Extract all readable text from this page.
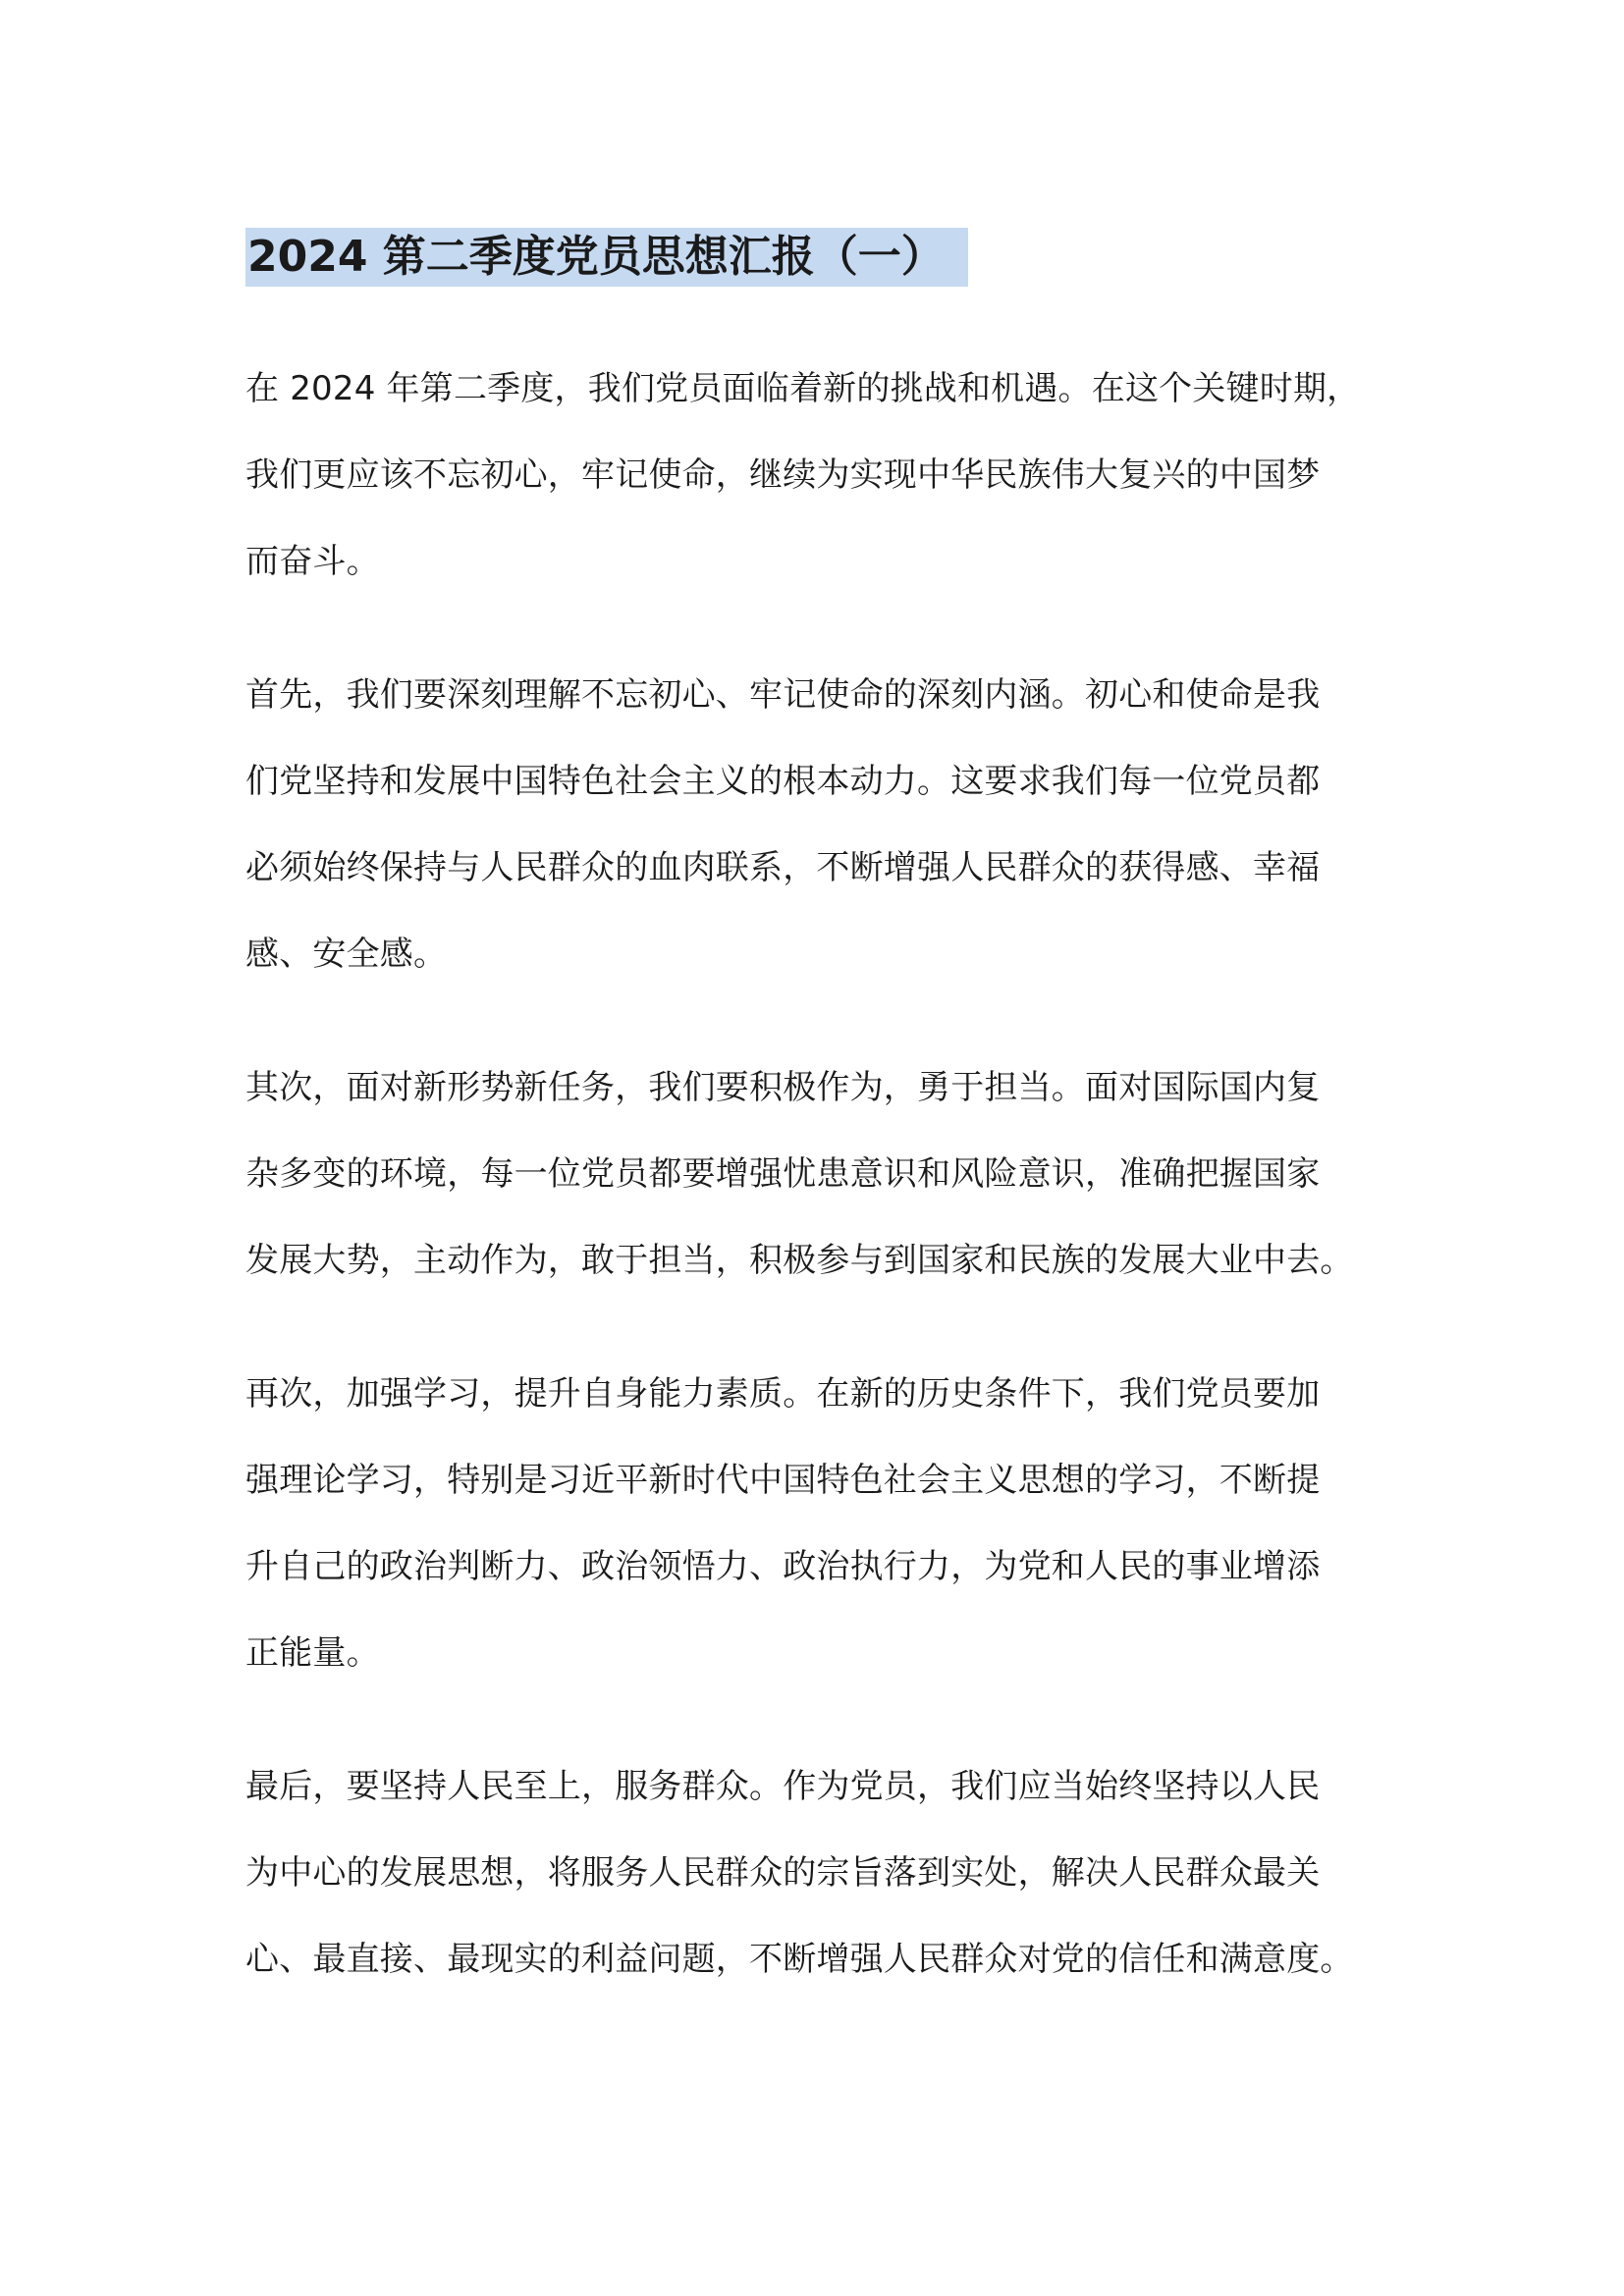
2024 第二季度党员思想汇报（一）

在 2024 年第二季度，我们党员面临着新的挑战和机遇。在这个关键时期，
我们更应该不忘初心，牢记使命，继续为实现中华民族伟大复兴的中国梦
而奋斗。

首先，我们要深刻理解不忘初心、牢记使命的深刻内涵。初心和使命是我
们党坚持和发展中国特色社会主义的根本动力。这要求我们每一位党员都
必须始终保持与人民群众的血肉联系，不断增强人民群众的获得感、幸福
感、安全感。

其次，面对新形势新任务，我们要积极作为，勇于担当。面对国际国内复
杂多变的环境，每一位党员都要增强忧患意识和风险意识，准确把握国家
发展大势，主动作为，敢于担当，积极参与到国家和民族的发展大业中去。

再次，加强学习，提升自身能力素质。在新的历史条件下，我们党员要加
强理论学习，特别是习近平新时代中国特色社会主义思想的学习，不断提
升自己的政治判断力、政治领悟力、政治执行力，为党和人民的事业增添
正能量。

最后，要坚持人民至上，服务群众。作为党员，我们应当始终坚持以人民
为中心的发展思想，将服务人民群众的宗旨落到实处，解决人民群众最关
心、最直接、最现实的利益问题，不断增强人民群众对党的信任和满意度。
